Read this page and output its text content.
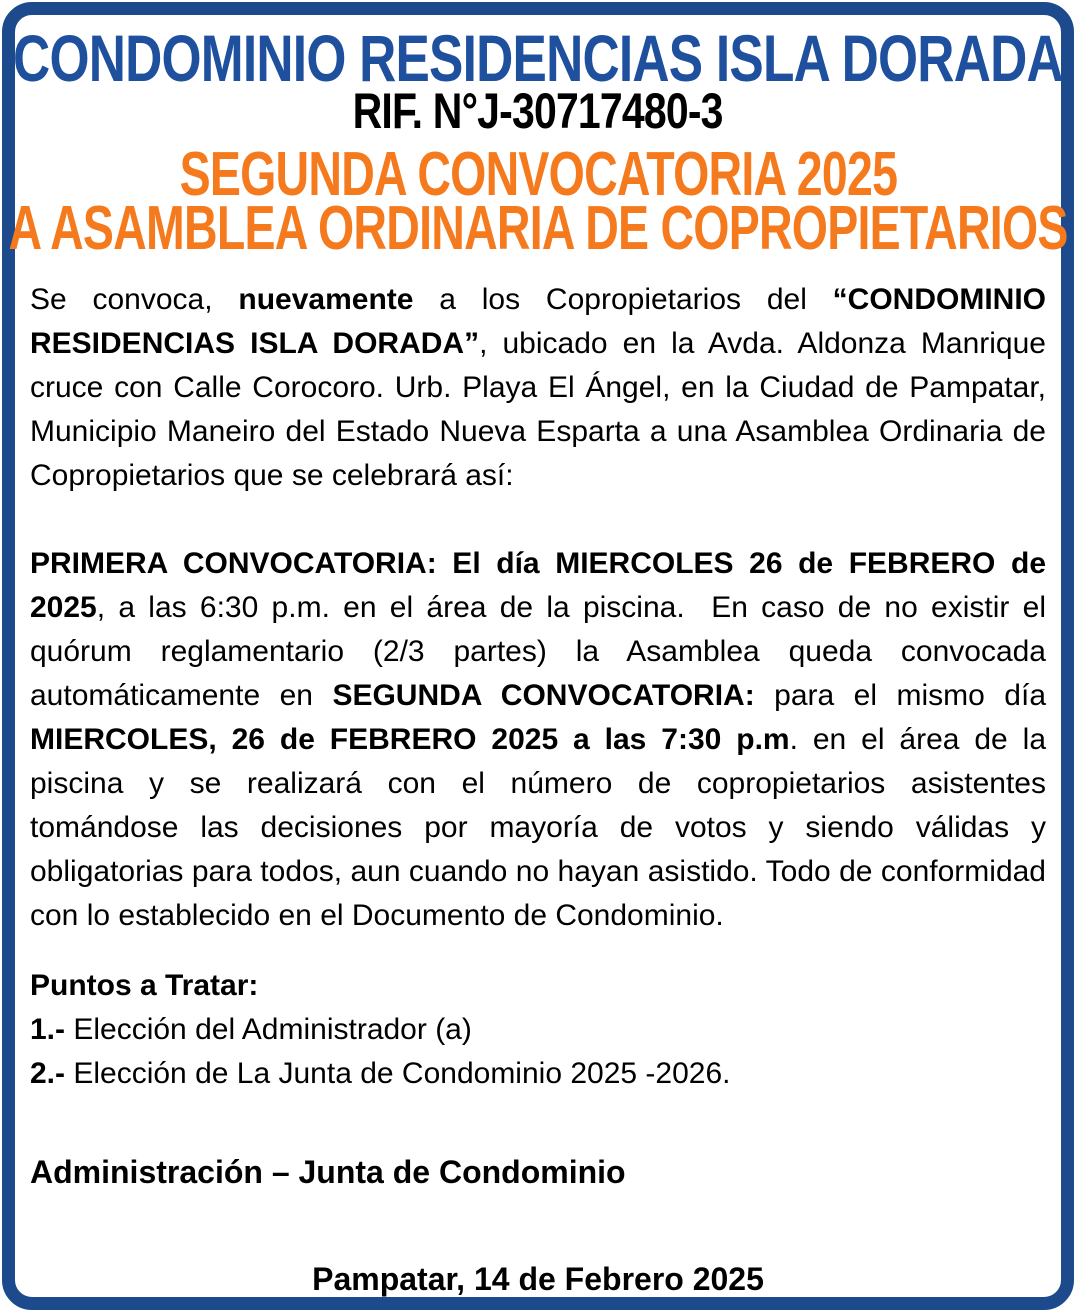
CONDOMINIO RESIDENCIAS ISLA DORADA
RIF. N°J-30717480-3
SEGUNDA CONVOCATORIA 2025
A ASAMBLEA ORDINARIA DE COPROPIETARIOS

Se convoca, nuevamente a los Copropietarios del “CONDOMINIO RESIDENCIAS ISLA DORADA”, ubicado en la Avda. Aldonza Manrique cruce con Calle Corocoro. Urb. Playa El Ángel, en la Ciudad de Pampatar, Municipio Maneiro del Estado Nueva Esparta a una Asamblea Ordinaria de Copropietarios que se celebrará así:

PRIMERA CONVOCATORIA: El día MIERCOLES 26 de FEBRERO de 2025, a las 6:30 p.m. en el área de la piscina.  En caso de no existir el quórum reglamentario (2/3 partes) la Asamblea queda convocada automáticamente en SEGUNDA CONVOCATORIA: para el mismo día MIERCOLES, 26 de FEBRERO 2025 a las 7:30 p.m. en el área de la piscina y se realizará con el número de copropietarios asistentes tomándose las decisiones por mayoría de votos y siendo válidas y obligatorias para todos, aun cuando no hayan asistido. Todo de conformidad con lo establecido en el Documento de Condominio.

Puntos a Tratar:
1.- Elección del Administrador (a)
2.- Elección de La Junta de Condominio 2025 -2026.
Administración – Junta de Condominio
Pampatar, 14 de Febrero 2025
